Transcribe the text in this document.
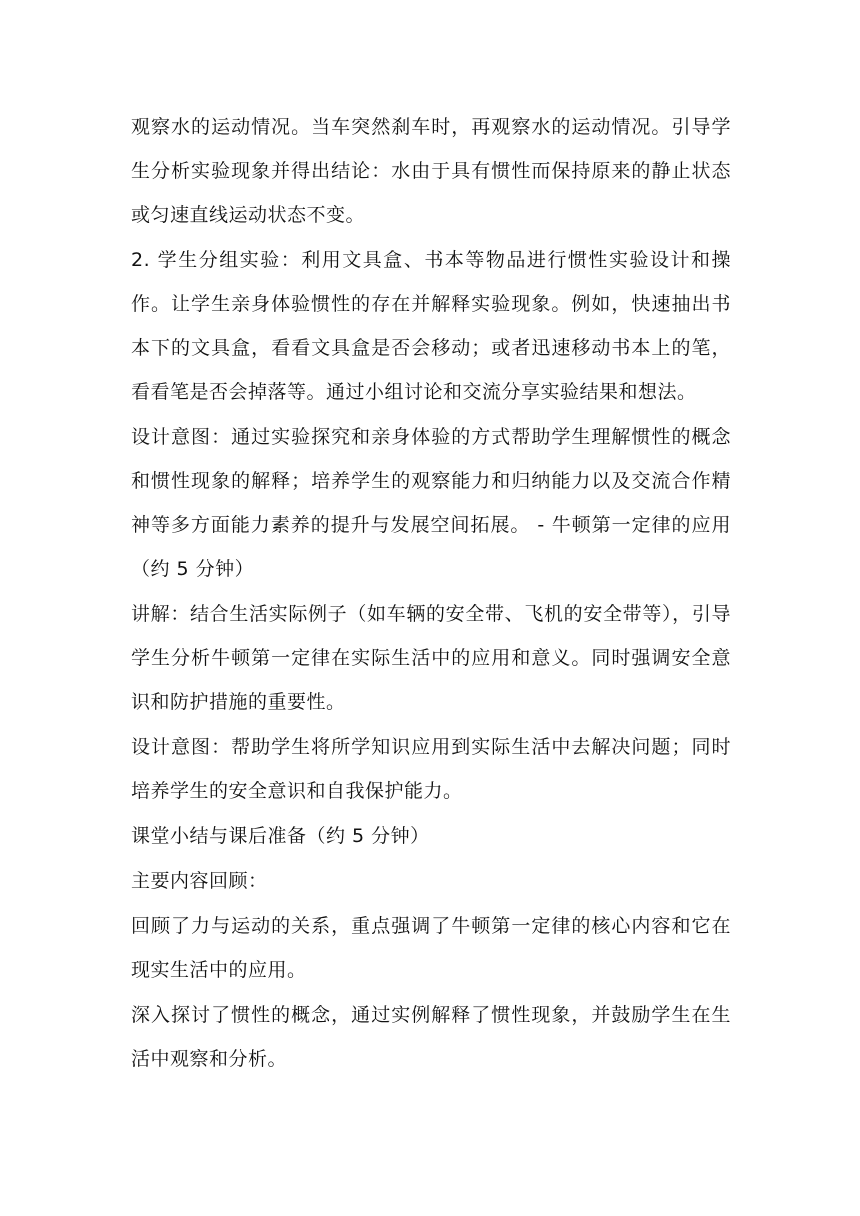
观察水的运动情况。当车突然刹车时，再观察水的运动情况。引导学生分析实验现象并得出结论：水由于具有惯性而保持原来的静止状态或匀速直线运动状态不变。

2. 学生分组实验：利用文具盒、书本等物品进行惯性实验设计和操作。让学生亲身体验惯性的存在并解释实验现象。例如，快速抽出书本下的文具盒，看看文具盒是否会移动；或者迅速移动书本上的笔，看看笔是否会掉落等。通过小组讨论和交流分享实验结果和想法。

设计意图：通过实验探究和亲身体验的方式帮助学生理解惯性的概念和惯性现象的解释；培养学生的观察能力和归纳能力以及交流合作精神等多方面能力素养的提升与发展空间拓展。 - 牛顿第一定律的应用（约 5 分钟）

讲解：结合生活实际例子（如车辆的安全带、飞机的安全带等），引导学生分析牛顿第一定律在实际生活中的应用和意义。同时强调安全意识和防护措施的重要性。

设计意图：帮助学生将所学知识应用到实际生活中去解决问题；同时培养学生的安全意识和自我保护能力。

课堂小结与课后准备（约 5 分钟）

主要内容回顾：

回顾了力与运动的关系，重点强调了牛顿第一定律的核心内容和它在现实生活中的应用。

深入探讨了惯性的概念，通过实例解释了惯性现象，并鼓励学生在生活中观察和分析。
